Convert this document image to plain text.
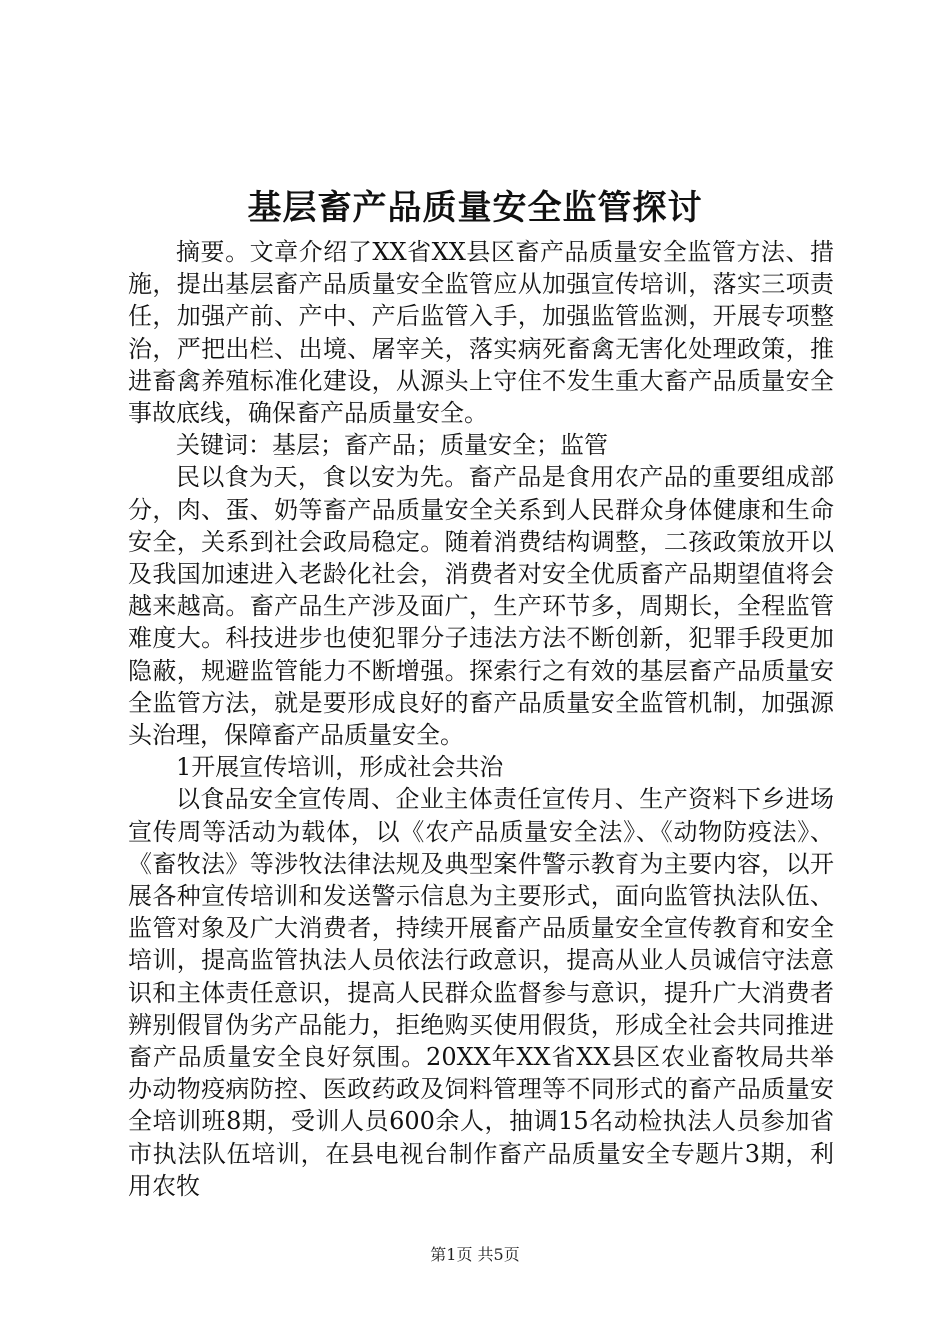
基层畜产品质量安全监管探讨

摘要。文章介绍了XX省XX县区畜产品质量安全监管方法、措施，提出基层畜产品质量安全监管应从加强宣传培训，落实三项责任，加强产前、产中、产后监管入手，加强监管监测，开展专项整治，严把出栏、出境、屠宰关，落实病死畜禽无害化处理政策，推进畜禽养殖标准化建设，从源头上守住不发生重大畜产品质量安全事故底线，确保畜产品质量安全。

关键词：基层；畜产品；质量安全；监管

民以食为天，食以安为先。畜产品是食用农产品的重要组成部分，肉、蛋、奶等畜产品质量安全关系到人民群众身体健康和生命安全，关系到社会政局稳定。随着消费结构调整，二孩政策放开以及我国加速进入老龄化社会，消费者对安全优质畜产品期望值将会越来越高。畜产品生产涉及面广，生产环节多，周期长，全程监管难度大。科技进步也使犯罪分子违法方法不断创新，犯罪手段更加隐蔽，规避监管能力不断增强。探索行之有效的基层畜产品质量安全监管方法，就是要形成良好的畜产品质量安全监管机制，加强源头治理，保障畜产品质量安全。

1开展宣传培训，形成社会共治

以食品安全宣传周、企业主体责任宣传月、生产资料下乡进场宣传周等活动为载体，以《农产品质量安全法》、《动物防疫法》、《畜牧法》等涉牧法律法规及典型案件警示教育为主要内容，以开展各种宣传培训和发送警示信息为主要形式，面向监管执法队伍、监管对象及广大消费者，持续开展畜产品质量安全宣传教育和安全培训，提高监管执法人员依法行政意识，提高从业人员诚信守法意识和主体责任意识，提高人民群众监督参与意识，提升广大消费者辨别假冒伪劣产品能力，拒绝购买使用假货，形成全社会共同推进畜产品质量安全良好氛围。20XX年XX省XX县区农业畜牧局共举办动物疫病防控、医政药政及饲料管理等不同形式的畜产品质量安全培训班8期，受训人员600余人，抽调15名动检执法人员参加省市执法队伍培训，在县电视台制作畜产品质量安全专题片3期，利用农牧

第1页 共5页
